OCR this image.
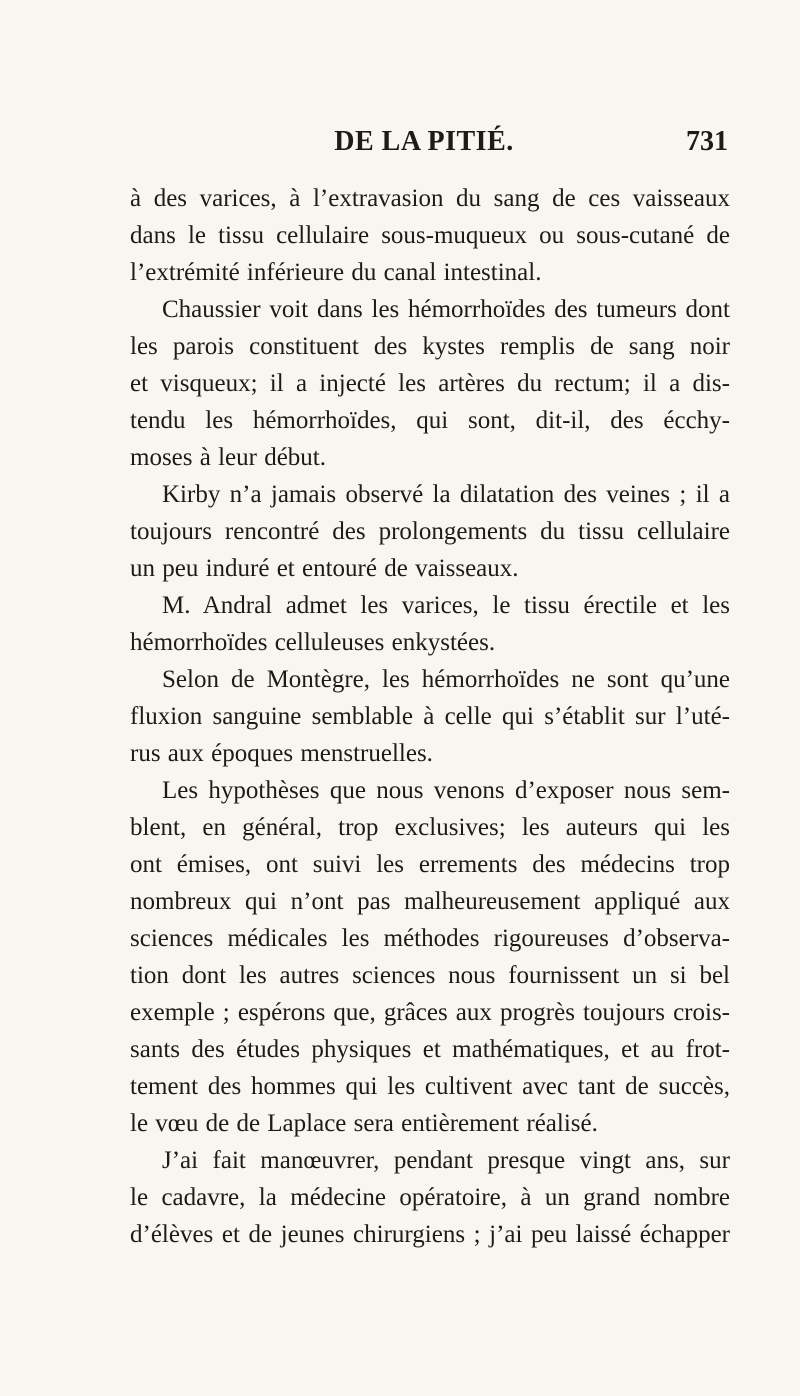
DE LA PITIÉ.	731
à des varices, à l’extravasion du sang de ces vaisseaux
dans le tissu cellulaire sous-muqueux ou sous-cutané de
l’extrémité inférieure du canal intestinal.
Chaussier voit dans les hémorrhoïdes des tumeurs dont
les parois constituent des kystes remplis de sang noir
et visqueux; il a injecté les artères du rectum; il a dis-
tendu les hémorrhoïdes, qui sont, dit-il, des écchy-
moses à leur début.
Kirby n’a jamais observé la dilatation des veines ; il a
toujours rencontré des prolongements du tissu cellulaire
un peu induré et entouré de vaisseaux.
M. Andral admet les varices, le tissu érectile et les
hémorrhoïdes celluleuses enkystées.
Selon de Montègre, les hémorrhoïdes ne sont qu’une
fluxion sanguine semblable à celle qui s’établit sur l’uté-
rus aux époques menstruelles.
Les hypothèses que nous venons d’exposer nous sem-
blent, en général, trop exclusives; les auteurs qui les
ont émises, ont suivi les errements des médecins trop
nombreux qui n’ont pas malheureusement appliqué aux
sciences médicales les méthodes rigoureuses d’observa-
tion dont les autres sciences nous fournissent un si bel
exemple ; espérons que, grâces aux progrès toujours crois-
sants des études physiques et mathématiques, et au frot-
tement des hommes qui les cultivent avec tant de succès,
le vœu de de Laplace sera entièrement réalisé.
J’ai fait manœuvrer, pendant presque vingt ans, sur
le cadavre, la médecine opératoire, à un grand nombre
d’élèves et de jeunes chirurgiens ; j’ai peu laissé échapper
